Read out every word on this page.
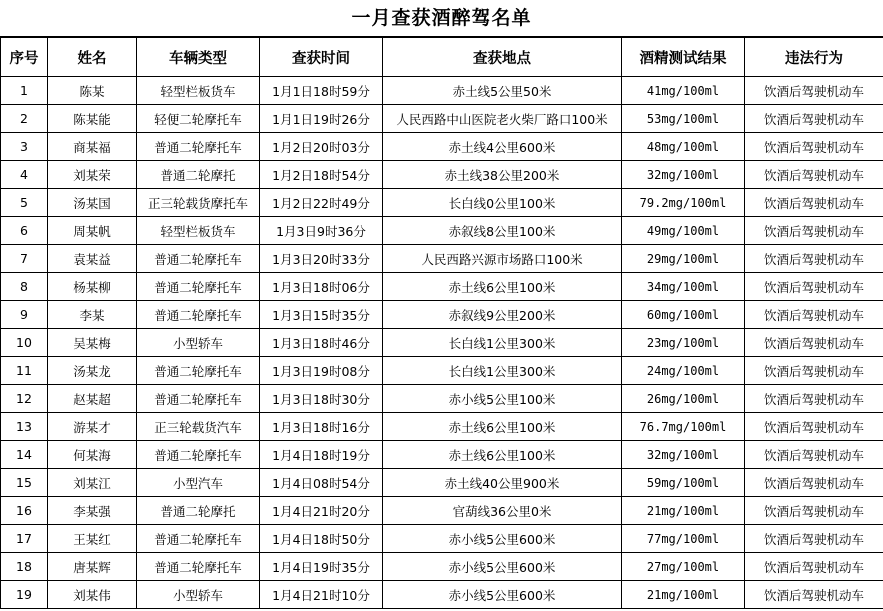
一月查获酒醉驾名单
序号	姓名	车辆类型	查获时间	查获地点	酒精测试结果	违法行为
1	陈某	轻型栏板货车	1月1日18时59分	赤土线5公里50米	41mg/100ml	饮酒后驾驶机动车
2	陈某能	轻便二轮摩托车	1月1日19时26分	人民西路中山医院老火柴厂路口100米	53mg/100ml	饮酒后驾驶机动车
3	商某福	普通二轮摩托车	1月2日20时03分	赤土线4公里600米	48mg/100ml	饮酒后驾驶机动车
4	刘某荣	普通二轮摩托	1月2日18时54分	赤土线38公里200米	32mg/100ml	饮酒后驾驶机动车
5	汤某国	正三轮载货摩托车	1月2日22时49分	长白线0公里100米	79.2mg/100ml	饮酒后驾驶机动车
6	周某帆	轻型栏板货车	1月3日9时36分	赤叙线8公里100米	49mg/100ml	饮酒后驾驶机动车
7	袁某益	普通二轮摩托车	1月3日20时33分	人民西路兴源市场路口100米	29mg/100ml	饮酒后驾驶机动车
8	杨某柳	普通二轮摩托车	1月3日18时06分	赤土线6公里100米	34mg/100ml	饮酒后驾驶机动车
9	李某	普通二轮摩托车	1月3日15时35分	赤叙线9公里200米	60mg/100ml	饮酒后驾驶机动车
10	吴某梅	小型轿车	1月3日18时46分	长白线1公里300米	23mg/100ml	饮酒后驾驶机动车
11	汤某龙	普通二轮摩托车	1月3日19时08分	长白线1公里300米	24mg/100ml	饮酒后驾驶机动车
12	赵某超	普通二轮摩托车	1月3日18时30分	赤小线5公里100米	26mg/100ml	饮酒后驾驶机动车
13	游某才	正三轮载货汽车	1月3日18时16分	赤土线6公里100米	76.7mg/100ml	饮酒后驾驶机动车
14	何某海	普通二轮摩托车	1月4日18时19分	赤土线6公里100米	32mg/100ml	饮酒后驾驶机动车
15	刘某江	小型汽车	1月4日08时54分	赤土线40公里900米	59mg/100ml	饮酒后驾驶机动车
16	李某强	普通二轮摩托	1月4日21时20分	官葫线36公里0米	21mg/100ml	饮酒后驾驶机动车
17	王某红	普通二轮摩托车	1月4日18时50分	赤小线5公里600米	77mg/100ml	饮酒后驾驶机动车
18	唐某辉	普通二轮摩托车	1月4日19时35分	赤小线5公里600米	27mg/100ml	饮酒后驾驶机动车
19	刘某伟	小型轿车	1月4日21时10分	赤小线5公里600米	21mg/100ml	饮酒后驾驶机动车
